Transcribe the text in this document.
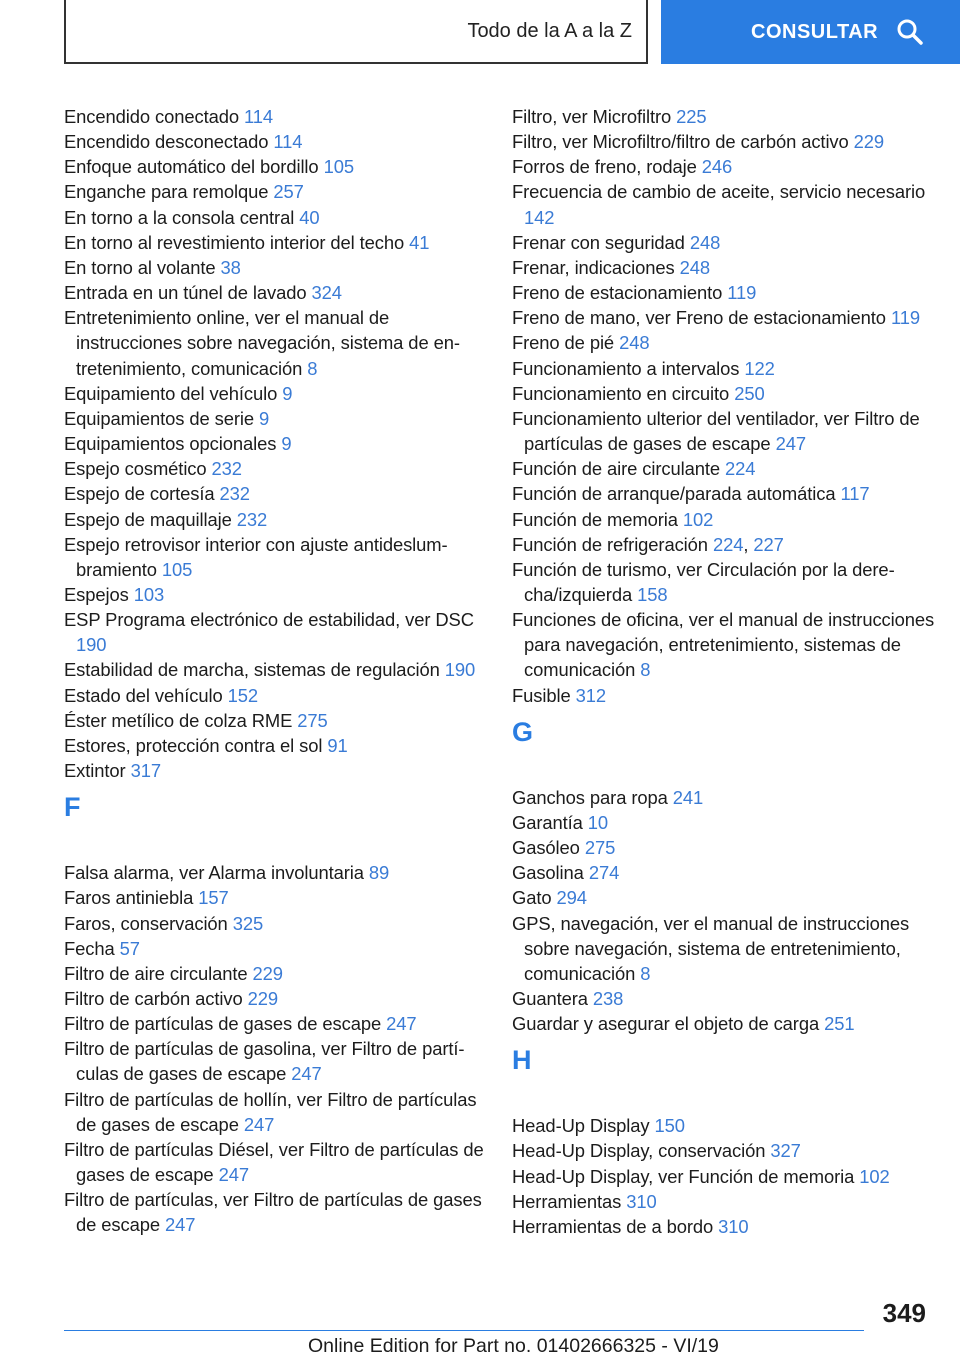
Todo de la A a la Z	CONSULTAR
Encendido conectado 114
Encendido desconectado 114
Enfoque automático del bordillo 105
Enganche para remolque 257
En torno a la consola central 40
En torno al revestimiento interior del techo 41
En torno al volante 38
Entrada en un túnel de lavado 324
Entretenimiento online, ver el manual de instrucciones sobre navegación, sistema de entretenimiento, comunicación 8
Equipamiento del vehículo 9
Equipamientos de serie 9
Equipamientos opcionales 9
Espejo cosmético 232
Espejo de cortesía 232
Espejo de maquillaje 232
Espejo retrovisor interior con ajuste antideslumbramiento 105
Espejos 103
ESP Programa electrónico de estabilidad, ver DSC 190
Estabilidad de marcha, sistemas de regulación 190
Estado del vehículo 152
Éster metílico de colza RME 275
Estores, protección contra el sol 91
Extintor 317
F
Falsa alarma, ver Alarma involuntaria 89
Faros antiniebla 157
Faros, conservación 325
Fecha 57
Filtro de aire circulante 229
Filtro de carbón activo 229
Filtro de partículas de gases de escape 247
Filtro de partículas de gasolina, ver Filtro de partículas de gases de escape 247
Filtro de partículas de hollín, ver Filtro de partículas de gases de escape 247
Filtro de partículas Diésel, ver Filtro de partículas de gases de escape 247
Filtro de partículas, ver Filtro de partículas de gases de escape 247
Filtro, ver Microfiltro 225
Filtro, ver Microfiltro/filtro de carbón activo 229
Forros de freno, rodaje 246
Frecuencia de cambio de aceite, servicio necesario 142
Frenar con seguridad 248
Frenar, indicaciones 248
Freno de estacionamiento 119
Freno de mano, ver Freno de estacionamiento 119
Freno de pié 248
Funcionamiento a intervalos 122
Funcionamiento en circuito 250
Funcionamiento ulterior del ventilador, ver Filtro de partículas de gases de escape 247
Función de aire circulante 224
Función de arranque/parada automática 117
Función de memoria 102
Función de refrigeración 224, 227
Función de turismo, ver Circulación por la derecha/izquierda 158
Funciones de oficina, ver el manual de instrucciones para navegación, entretenimiento, sistemas de comunicación 8
Fusible 312
G
Ganchos para ropa 241
Garantía 10
Gasóleo 275
Gasolina 274
Gato 294
GPS, navegación, ver el manual de instrucciones sobre navegación, sistema de entretenimiento, comunicación 8
Guantera 238
Guardar y asegurar el objeto de carga 251
H
Head-Up Display 150
Head-Up Display, conservación 327
Head-Up Display, ver Función de memoria 102
Herramientas 310
Herramientas de a bordo 310
349
Online Edition for Part no. 01402666325 - VI/19
